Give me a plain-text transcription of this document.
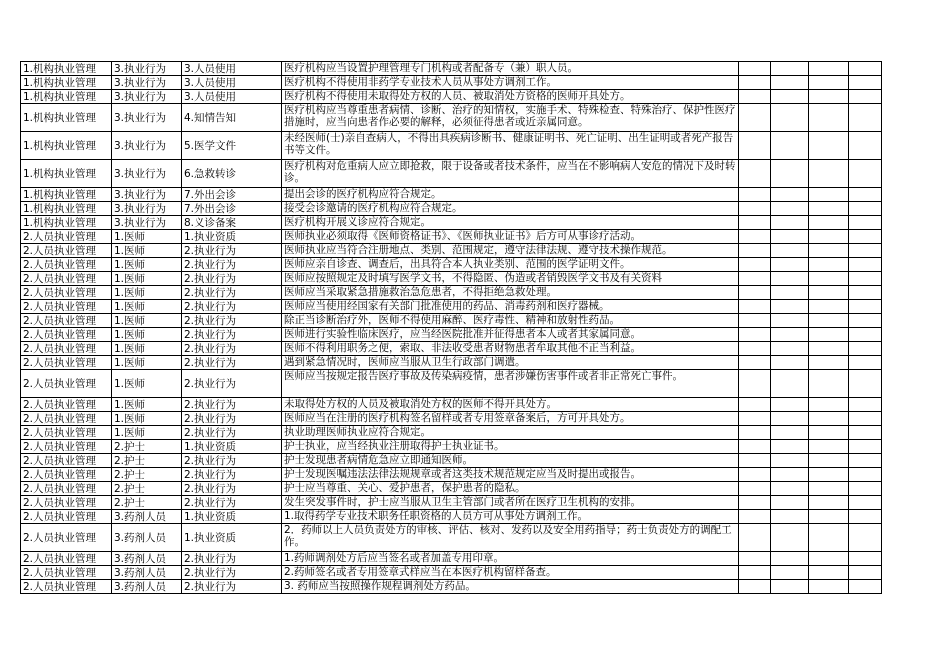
1.机构执业管理	3.执业行为	3.人员使用	医疗机构应当设置护理管理专门机构或者配备专（兼）职人员。				
1.机构执业管理	3.执业行为	3.人员使用	医疗机构不得使用非药学专业技术人员从事处方调剂工作。				
1.机构执业管理	3.执业行为	3.人员使用	医疗机构不得使用未取得处方权的人员、被取消处方资格的医师开具处方。				
1.机构执业管理	3.执业行为	4.知情告知	医疗机构应当尊重患者病情、诊断、治疗的知情权，实施手术、特殊检查、特殊治疗、保护性医疗措施时，应当向患者作必要的解释，必须征得患者或近亲属同意。				
1.机构执业管理	3.执业行为	5.医学文件	未经医师(士)亲自查病人，不得出具疾病诊断书、健康证明书、死亡证明、出生证明或者死产报告书等文件。				
1.机构执业管理	3.执业行为	6.急救转诊	医疗机构对危重病人应立即抢救，限于设备或者技术条件，应当在不影响病人安危的情况下及时转诊。				
1.机构执业管理	3.执业行为	7.外出会诊	提出会诊的医疗机构应符合规定。				
1.机构执业管理	3.执业行为	7.外出会诊	接受会诊邀请的医疗机构应符合规定。				
1.机构执业管理	3.执业行为	8.义诊备案	医疗机构开展义诊应符合规定。				
2.人员执业管理	1.医师	1.执业资质	医师执业必须取得《医师资格证书》、《医师执业证书》后方可从事诊疗活动。				
2.人员执业管理	1.医师	2.执业行为	医师执业应当符合注册地点、类别、范围规定，遵守法律法规、遵守技术操作规范。				
2.人员执业管理	1.医师	2.执业行为	医师应亲自诊查、调查后，出具符合本人执业类别、范围的医学证明文件。				
2.人员执业管理	1.医师	2.执业行为	医师应按照规定及时填写医学文书，不得隐匿、伪造或者销毁医学文书及有关资料				
2.人员执业管理	1.医师	2.执业行为	医师应当采取紧急措施救治急危患者，不得拒绝急救处理。				
2.人员执业管理	1.医师	2.执业行为	医师应当使用经国家有关部门批准使用的药品、消毒药剂和医疗器械。				
2.人员执业管理	1.医师	2.执业行为	除正当诊断治疗外，医师不得使用麻醉、医疗毒性、精神和放射性药品。				
2.人员执业管理	1.医师	2.执业行为	医师进行实验性临床医疗，应当经医院批准并征得患者本人或者其家属同意。				
2.人员执业管理	1.医师	2.执业行为	医师不得利用职务之便，索取、非法收受患者财物患者牟取其他不正当利益。				
2.人员执业管理	1.医师	2.执业行为	遇到紧急情况时，医师应当服从卫生行政部门调遣。				
2.人员执业管理	1.医师	2.执业行为	医师应当按规定报告医疗事故及传染病疫情，患者涉嫌伤害事件或者非正常死亡事件。				
2.人员执业管理	1.医师	2.执业行为	未取得处方权的人员及被取消处方权的医师不得开具处方。				
2.人员执业管理	1.医师	2.执业行为	医师应当在注册的医疗机构签名留样或者专用签章备案后，方可开具处方。				
2.人员执业管理	1.医师	2.执业行为	执业助理医师执业应符合规定。				
2.人员执业管理	2.护士	1.执业资质	护士执业，应当经执业注册取得护士执业证书。				
2.人员执业管理	2.护士	2.执业行为	护士发现患者病情危急应立即通知医师。				
2.人员执业管理	2.护士	2.执业行为	护士发现医嘱违法法律法规规章或者这类技术规范规定应当及时提出或报告。				
2.人员执业管理	2.护士	2.执业行为	护士应当尊重、关心、爱护患者，保护患者的隐私。				
2.人员执业管理	2.护士	2.执业行为	发生突发事件时，护士应当服从卫生主管部门或者所在医疗卫生机构的安排。				
2.人员执业管理	3.药剂人员	1.执业资质	1.取得药学专业技术职务任职资格的人员方可从事处方调剂工作。				
2.人员执业管理	3.药剂人员	1.执业资质	2．药师以上人员负责处方的审核、评估、核对、发药以及安全用药指导；药士负责处方的调配工作。				
2.人员执业管理	3.药剂人员	2.执业行为	1.药师调剂处方后应当签名或者加盖专用印章。				
2.人员执业管理	3.药剂人员	2.执业行为	2.药师签名或者专用签章式样应当在本医疗机构留样备查。				
2.人员执业管理	3.药剂人员	2.执业行为	3. 药师应当按照操作规程调剂处方药品。				
